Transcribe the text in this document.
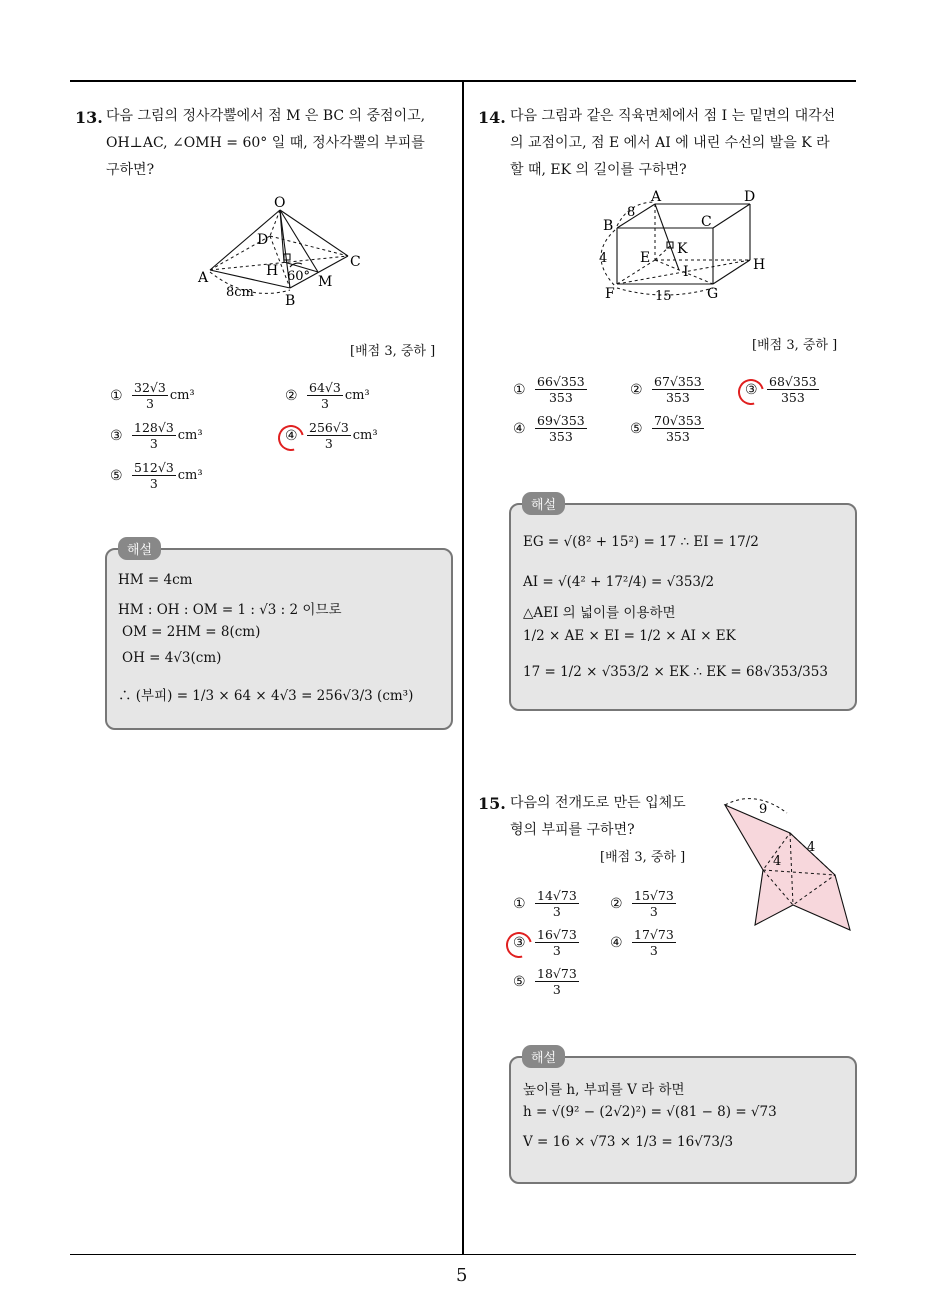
5
13. 다음 그림의 정사각뿔에서 점 M 은 BC 의 중점이고,
OH⊥AC, ∠OMH = 60° 일 때, 정사각뿔의 부피를
구하면?
O
D
C
A	H 60° M
8cm
B
[배점 3, 중하 ]
① $\frac{32√3}{3} cm^3$	② $\frac{64√3}{3} cm^3$
③ $\frac{128√3}{3} cm^3$	④ $\frac{256√3}{3} cm^3$
⑤ $\frac{512√3}{3} cm^3$
해설
HM = 4cm
HM : OH : OM = 1 : √3 : 2 이므로
OM = 2HM = 8(cm)
OH = 4√3(cm)
∴ (부피) = 1/3 × 64 × 4√3 = 256√3/3 (cm³)
14. 다음 그림과 같은 직육면체에서 점 I 는 밑면의 대각선
의 교점이고, 점 E 에서 AI 에 내린 수선의 발을 K 라
할 때, EK 의 길이를 구하면?
A	D
B
8
C
4
K
E
I	H
F	15	G
[배점 3, 중하 ]
① $\frac{66√353}{353}$	② $\frac{67√353}{353}$	③ $\frac{68√353}{353}$
④ $\frac{69√353}{353}$	⑤ $\frac{70√353}{353}$
해설
EG = √(8² + 15²) = 17 ∴ EI = 17/2
AI = √(4² + 17²/4) = √353/2
△AEI 의 넓이를 이용하면
1/2 × AE × EI = 1/2 × AI × EK
17 = 1/2 × √353/2 × EK ∴ EK = 68√353/353
15. 다음의 전개도로 만든 입체도
형의 부피를 구하면?
[배점 3, 중하 ]
9
4
4
① $\frac{14√73}{3}$ ② $\frac{15√73}{3}$
③ $\frac{16√73}{3}$ ④ $\frac{17√73}{3}$
⑤ $\frac{18√73}{3}$
해설
높이를 h, 부피를 V 라 하면
h = √(9² − (2√2)²) = √(81 − 8) = √73
V = 16 × √73 × 1/3 = 16√73/3
